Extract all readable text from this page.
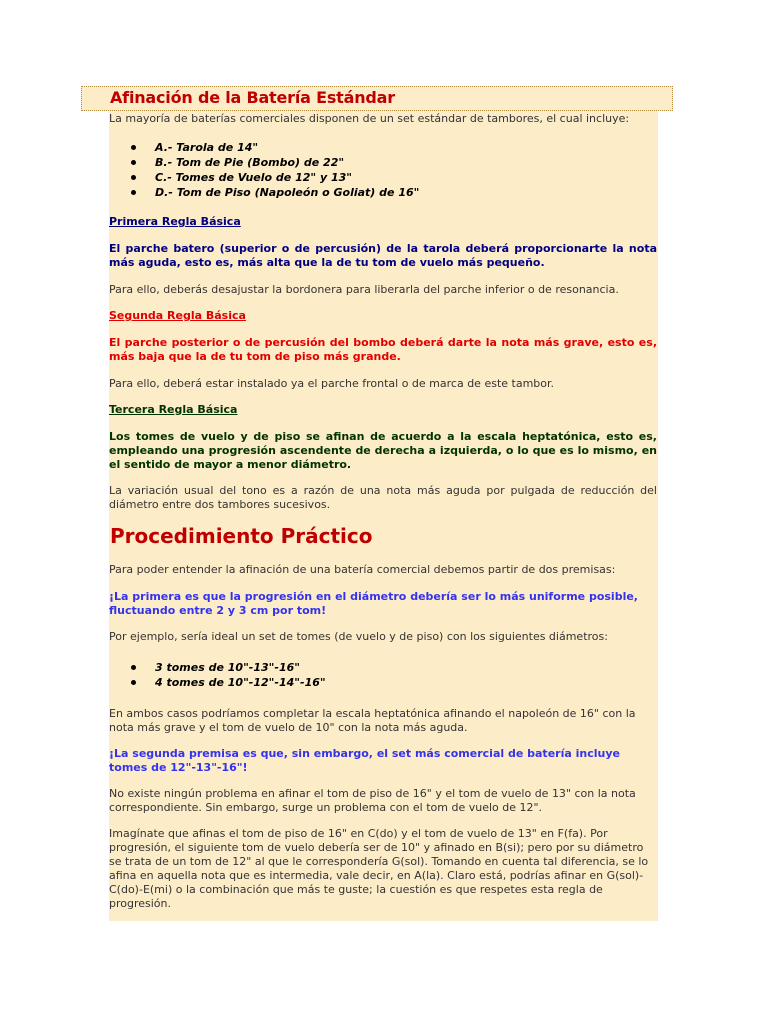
Afinación de la Batería Estándar

La mayoría de baterías comerciales disponen de un set estándar de tambores, el cual incluye:

A.- Tarola de 14"
B.- Tom de Pie (Bombo) de 22"
C.- Tomes de Vuelo de 12" y 13"
D.- Tom de Piso (Napoleón o Goliat) de 16"

Primera Regla Básica

El parche batero (superior o de percusión) de la tarola deberá proporcionarte la nota más aguda, esto es, más alta que la de tu tom de vuelo más pequeño.

Para ello, deberás desajustar la bordonera para liberarla del parche inferior o de resonancia.

Segunda Regla Básica

El parche posterior o de percusión del bombo deberá darte la nota más grave, esto es, más baja que la de tu tom de piso más grande.

Para ello, deberá estar instalado ya el parche frontal o de marca de este tambor.

Tercera Regla Básica

Los tomes de vuelo y de piso se afinan de acuerdo a la escala heptatónica, esto es, empleando una progresión ascendente de derecha a izquierda, o lo que es lo mismo, en el sentido de mayor a menor diámetro.

La variación usual del tono es a razón de una nota más aguda por pulgada de reducción del diámetro entre dos tambores sucesivos.

Procedimiento Práctico

Para poder entender la afinación de una batería comercial debemos partir de dos premisas:

¡La primera es que la progresión en el diámetro debería ser lo más uniforme posible, fluctuando entre 2 y 3 cm por tom!

Por ejemplo, sería ideal un set de tomes (de vuelo y de piso) con los siguientes diámetros:

3 tomes de 10"-13"-16"
4 tomes de 10"-12"-14"-16"

En ambos casos podríamos completar la escala heptatónica afinando el napoleón de 16" con la nota más grave y el tom de vuelo de 10" con la nota más aguda.

¡La segunda premisa es que, sin embargo, el set más comercial de batería incluye tomes de 12"-13"-16"!

No existe ningún problema en afinar el tom de piso de 16" y el tom de vuelo de 13" con la nota correspondiente. Sin embargo, surge un problema con el tom de vuelo de 12".

Imagínate que afinas el tom de piso de 16" en C(do) y el tom de vuelo de 13" en F(fa). Por progresión, el siguiente tom de vuelo debería ser de 10" y afinado en B(si); pero por su diámetro se trata de un tom de 12" al que le correspondería G(sol). Tomando en cuenta tal diferencia, se lo afina en aquella nota que es intermedia, vale decir, en A(la). Claro está, podrías afinar en G(sol)-C(do)-E(mi) o la combinación que más te guste; la cuestión es que respetes esta regla de progresión.
